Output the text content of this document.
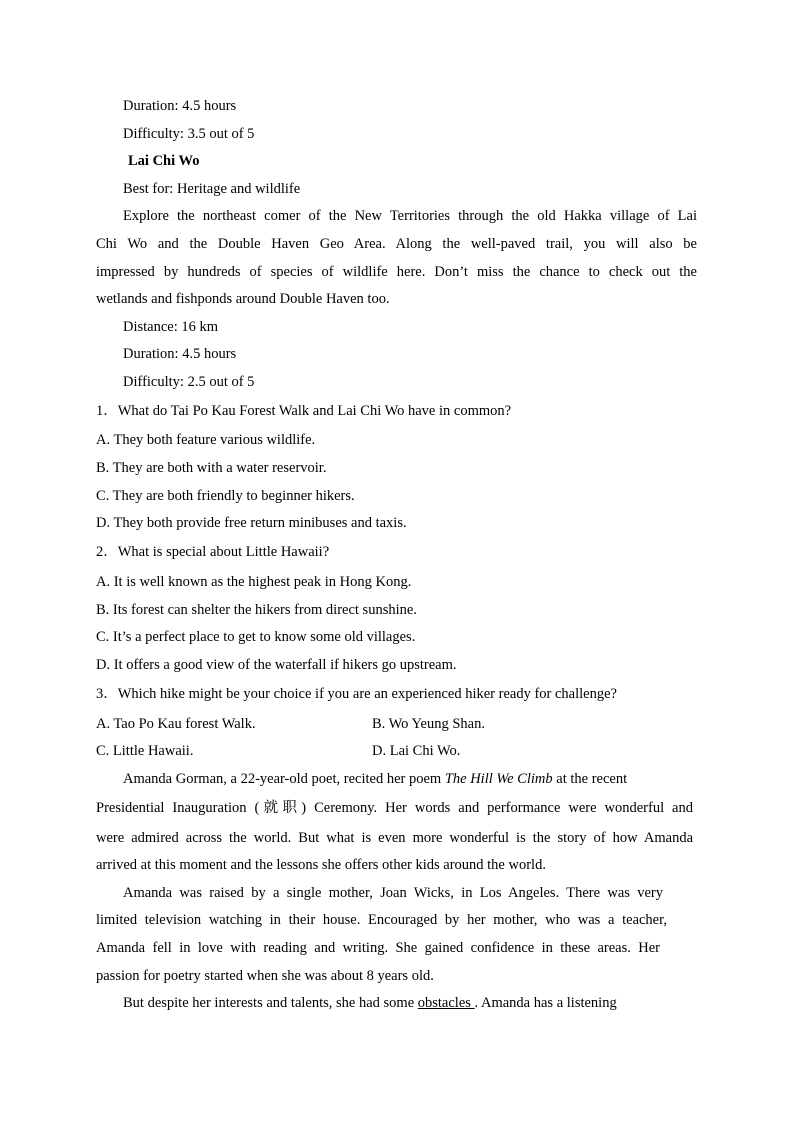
Duration: 4.5 hours
Difficulty: 3.5 out of 5
Lai Chi Wo
Best for: Heritage and wildlife
Explore the northeast comer of the New Territories through the old Hakka village of Lai
Chi Wo and the Double Haven Geo Area. Along the well-paved trail, you will also be
impressed by hundreds of species of wildlife here. Don’t miss the chance to check out the
wetlands and fishponds around Double Haven too.
Distance: 16 km
Duration: 4.5 hours
Difficulty: 2.5 out of 5
1．What do Tai Po Kau Forest Walk and Lai Chi Wo have in common?
A. They both feature various wildlife.
B. They are both with a water reservoir.
C. They are both friendly to beginner hikers.
D. They both provide free return minibuses and taxis.
2．What is special about Little Hawaii?
A. It is well known as the highest peak in Hong Kong.
B. Its forest can shelter the hikers from direct sunshine.
C. It’s a perfect place to get to know some old villages.
D. It offers a good view of the waterfall if hikers go upstream.
3．Which hike might be your choice if you are an experienced hiker ready for challenge?
A. Tao Po Kau forest Walk.	B. Wo Yeung Shan.
C. Little Hawaii.	D. Lai Chi Wo.
Amanda Gorman, a 22-year-old poet, recited her poem The Hill We Climb at the recent
Presidential Inauguration (就职) Ceremony. Her words and performance were wonderful and
were admired across the world. But what is even more wonderful is the story of how Amanda
arrived at this moment and the lessons she offers other kids around the world.
Amanda was raised by a single mother, Joan Wicks, in Los Angeles. There was very
limited television watching in their house. Encouraged by her mother, who was a teacher,
Amanda fell in love with reading and writing. She gained confidence in these areas. Her
passion for poetry started when she was about 8 years old.
But despite her interests and talents, she had some obstacles . Amanda has a listening
